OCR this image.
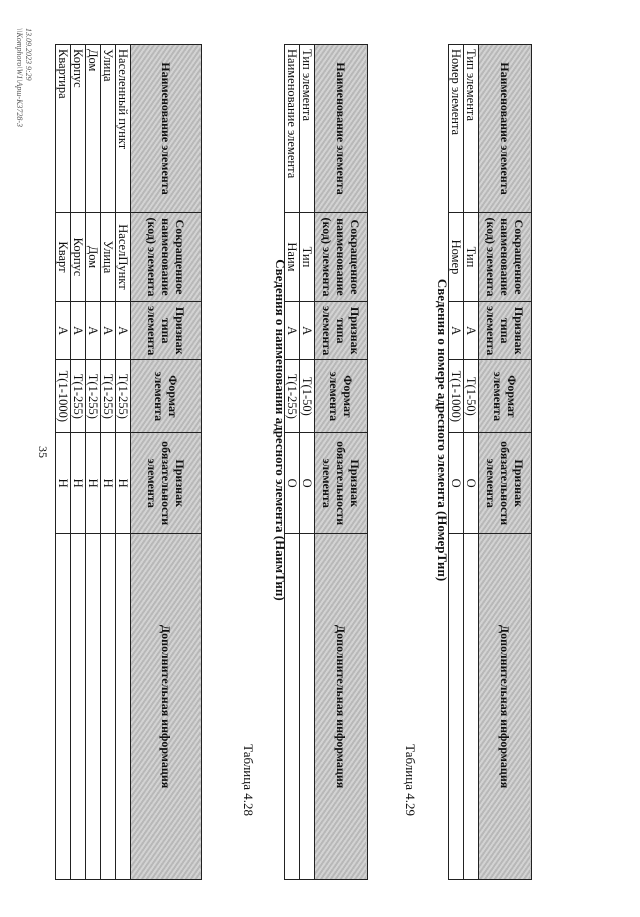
35
Наименование элемента	Сокращенное наименование (код) элемента	Признак типа элемента	Формат элемента	Признак обязательности элемента	Дополнительная информация
Населенный пункт	НаселПункт	А	Т(1-255)	Н	
Улица	Улица	А	Т(1-255)	Н	
Дом	Дом	А	Т(1-255)	Н	
Корпус	Корпус	А	Т(1-255)	Н	
Квартира	Кварт	А	Т(1-1000)	Н	
Таблица 4.28
Сведения о наименовании адресного элемента (НаимТип)
Наименование элемента	Сокращенное наименование (код) элемента	Признак типа элемента	Формат элемента	Признак обязательности элемента	Дополнительная информация
Тип элемента	Тип	А	Т(1-50)	О	
Наименование элемента	Наим	А	Т(1-255)	О	
Таблица 4.29
Сведения о номере адресного элемента (НомерТип)
Наименование элемента	Сокращенное наименование (код) элемента	Признак типа элемента	Формат элемента	Признак обязательности элемента	Дополнительная информация
Тип элемента	Тип	А	Т(1-50)	О	
Номер элемента	Номер	А	Т(1-1000)	О	
13.09.2023 9:29
\\Komphoro\W1\Арш-КЗ728-3
